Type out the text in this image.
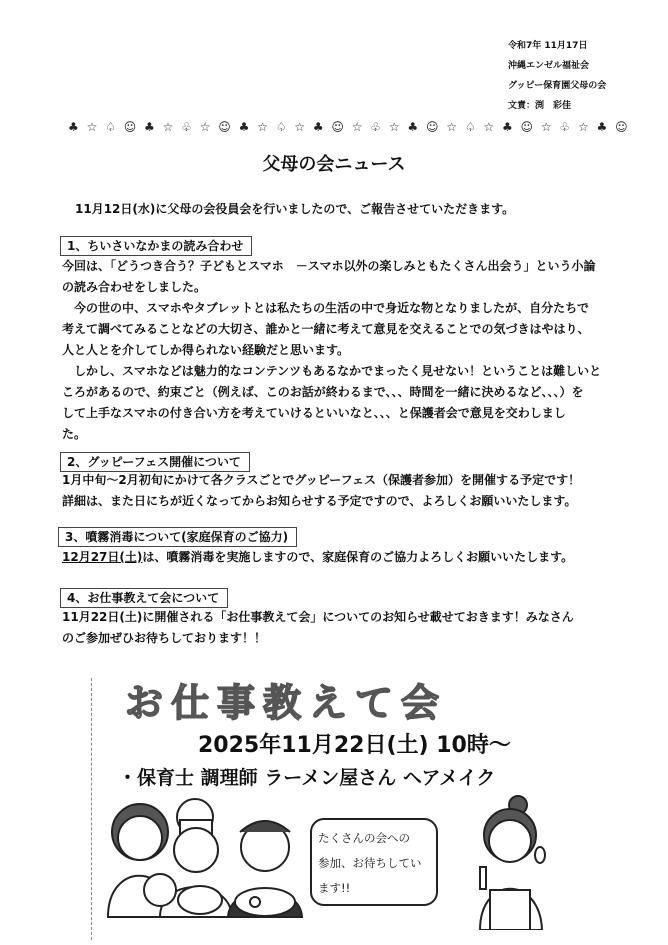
令和7年 11月17日
沖縄エンゼル福祉会
グッピー保育園父母の会
文責：渕　彩佳
♣ ☆ ♤ ☺ ♣ ☆ ♧ ☆ ☺ ♣ ☆ ♤ ☆ ♣ ☺ ☆ ♧ ☆ ♣ ☺ ☆ ♤ ☆ ♣ ☺ ☆ ♧ ☆ ♣ ☺
父母の会ニュース
11月12日(水)に父母の会役員会を行いましたので、ご報告させていただきます。
1、ちいさいなかまの読み合わせ
今回は、「どうつき合う？子どもとスマホ　－スマホ以外の楽しみともたくさん出会う」という小論
の読み合わせをしました。
　今の世の中、スマホやタブレットとは私たちの生活の中で身近な物となりましたが、自分たちで
考えて調べてみることなどの大切さ、誰かと一緒に考えて意見を交えることでの気づきはやはり、
人と人とを介してしか得られない経験だと思います。
　しかし、スマホなどは魅力的なコンテンツもあるなかでまったく見せない！ということは難しいと
ころがあるので、約束ごと（例えば、このお話が終わるまで、、、時間を一緒に決めるなど、、、）を
して上手なスマホの付き合い方を考えていけるといいなと、、、と保護者会で意見を交わしまし
た。
2、グッピーフェス開催について
1月中旬～2月初旬にかけて各クラスごとでグッピーフェス（保護者参加）を開催する予定です！
詳細は、また日にちが近くなってからお知らせする予定ですので、よろしくお願いいたします。
3、噴霧消毒について(家庭保育のご協力)
12月27日(土)は、噴霧消毒を実施しますので、家庭保育のご協力よろしくお願いいたします。
4、お仕事教えて会について
11月22日(土)に開催される「お仕事教えて会」についてのお知らせ載せておきます！みなさん
のご参加ぜひお待ちしております！！
お仕事教えて会
2025年11月22日(土) 10時～
・保育士 調理師 ラーメン屋さん ヘアメイク
たくさんの会への
参加、お待ちしてい
ます!!
